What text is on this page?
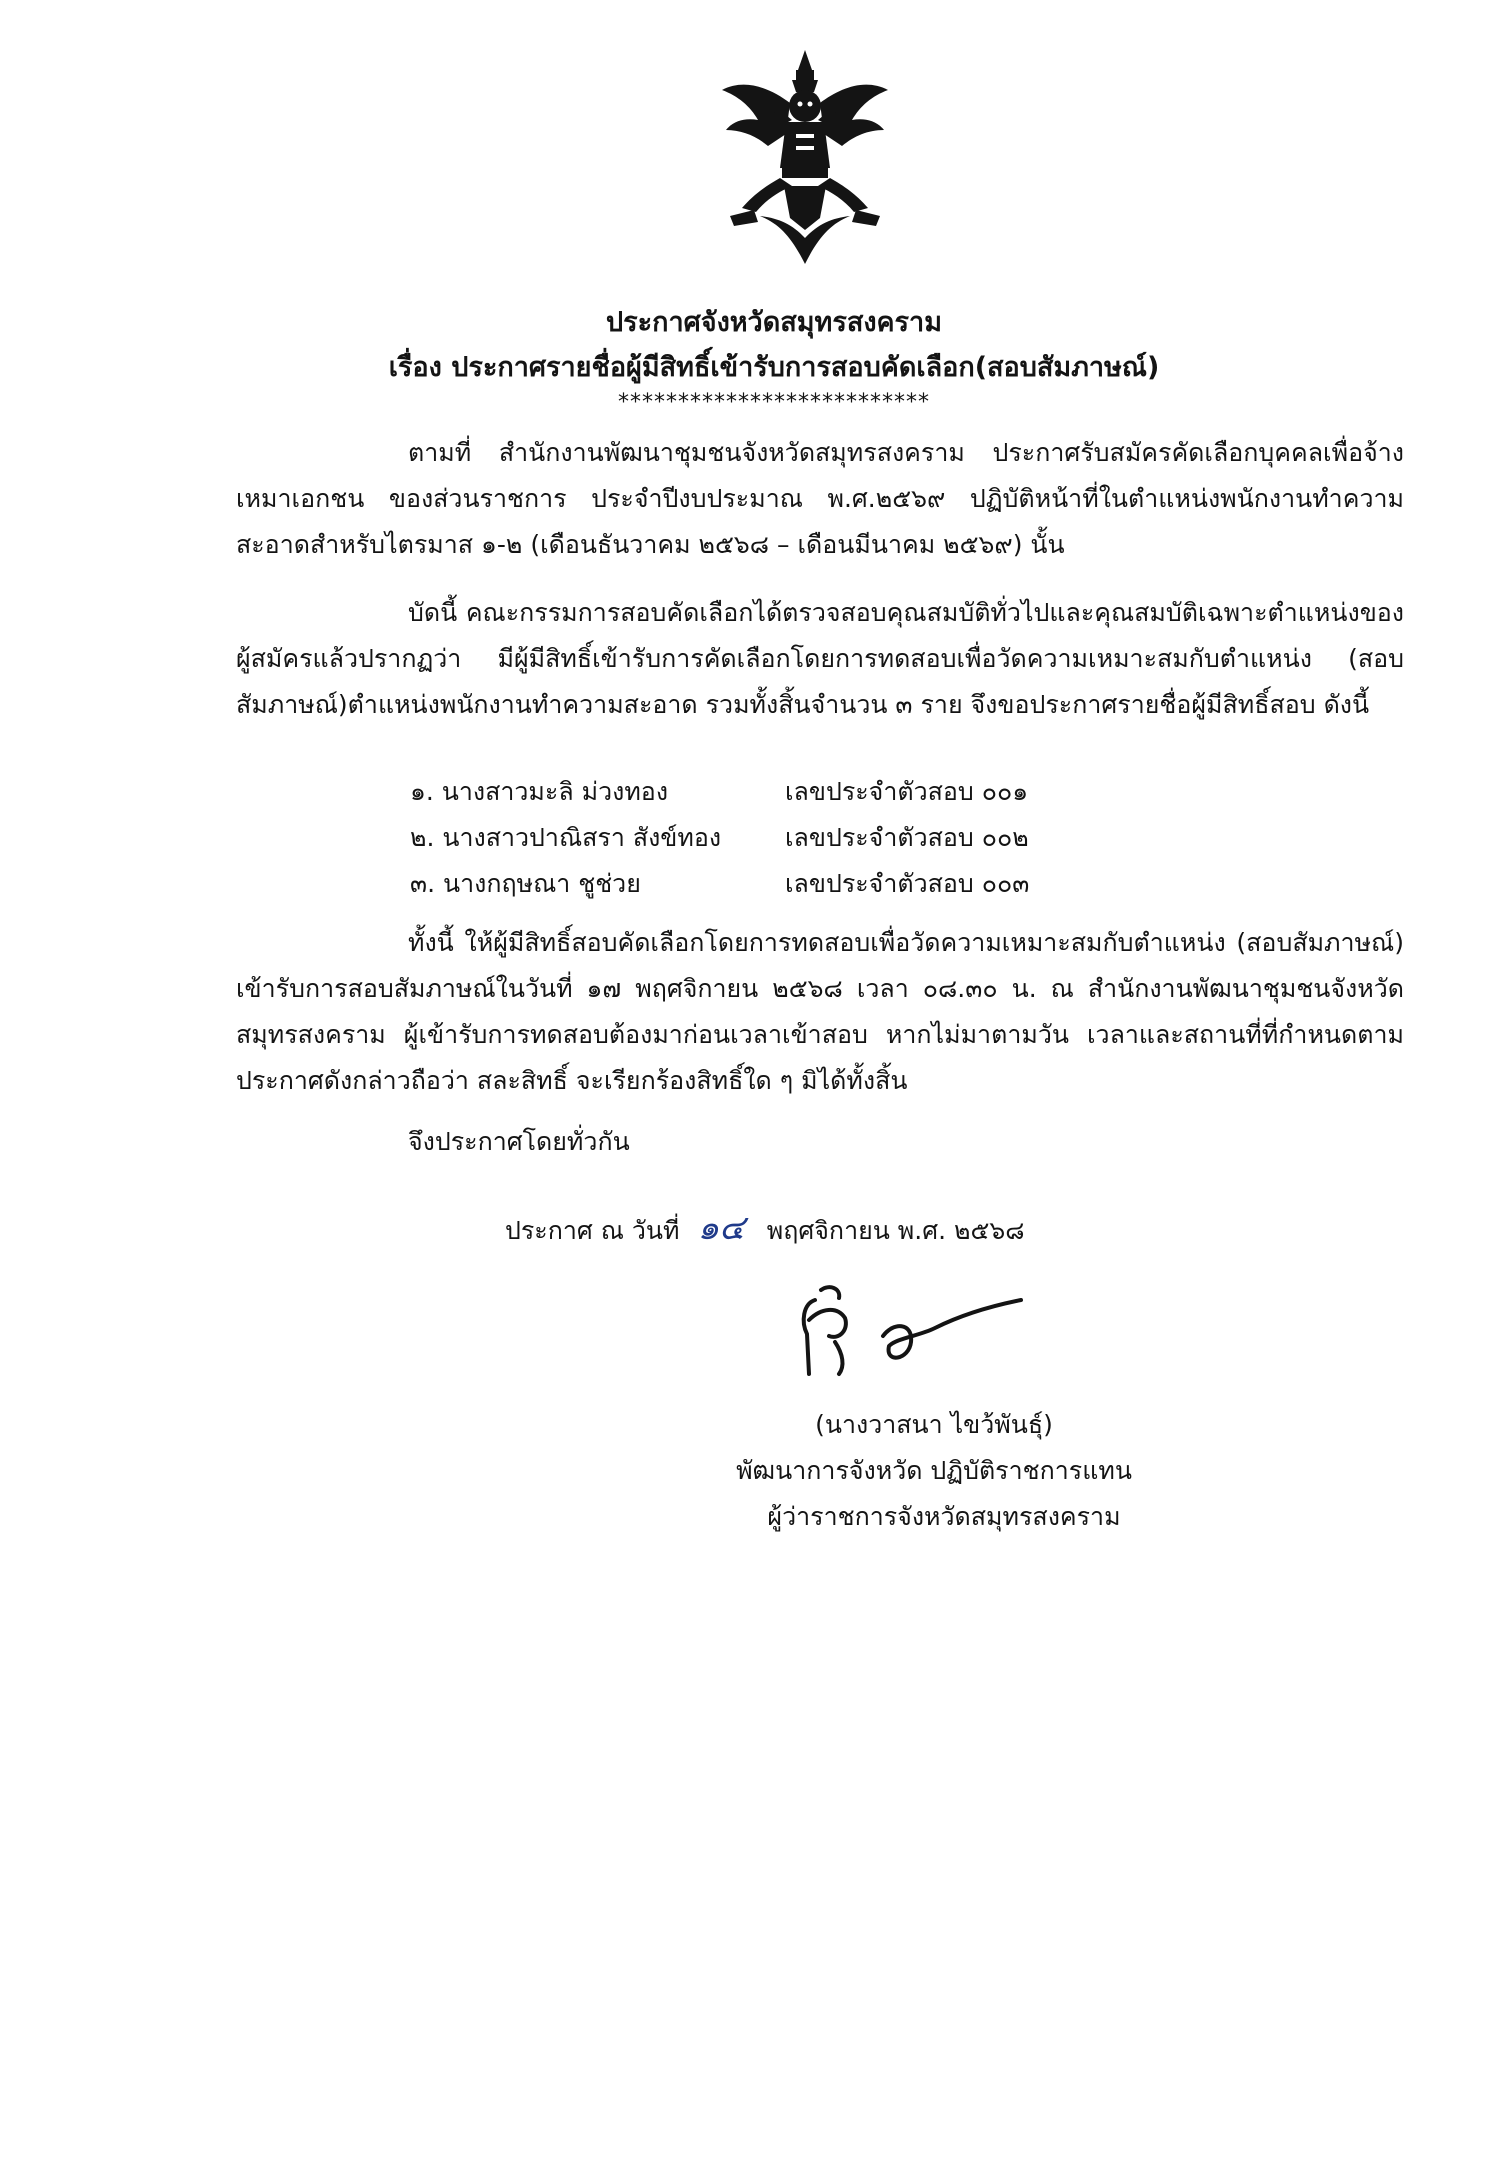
ประกาศจังหวัดสมุทรสงคราม
เรื่อง ประกาศรายชื่อผู้มีสิทธิ์เข้ารับการสอบคัดเลือก(สอบสัมภาษณ์)
**************************

ตามที่ สำนักงานพัฒนาชุมชนจังหวัดสมุทรสงคราม ประกาศรับสมัครคัดเลือกบุคคลเพื่อจ้างเหมาเอกชน ของส่วนราชการ ประจำปีงบประมาณ พ.ศ.๒๕๖๙ ปฏิบัติหน้าที่ในตำแหน่งพนักงานทำความสะอาดสำหรับไตรมาส ๑-๒ (เดือนธันวาคม ๒๕๖๘ – เดือนมีนาคม ๒๕๖๙) นั้น

บัดนี้ คณะกรรมการสอบคัดเลือกได้ตรวจสอบคุณสมบัติทั่วไปและคุณสมบัติเฉพาะตำแหน่งของผู้สมัครแล้วปรากฏว่า มีผู้มีสิทธิ์เข้ารับการคัดเลือกโดยการทดสอบเพื่อวัดความเหมาะสมกับตำแหน่ง (สอบสัมภาษณ์)ตำแหน่งพนักงานทำความสะอาด รวมทั้งสิ้นจำนวน ๓ ราย จึงขอประกาศรายชื่อผู้มีสิทธิ์สอบ ดังนี้

๑. นางสาวมะลิ ม่วงทอง	เลขประจำตัวสอบ ๐๐๑
๒. นางสาวปาณิสรา สังข์ทอง	เลขประจำตัวสอบ ๐๐๒
๓. นางกฤษณา ชูช่วย	เลขประจำตัวสอบ ๐๐๓

ทั้งนี้ ให้ผู้มีสิทธิ์สอบคัดเลือกโดยการทดสอบเพื่อวัดความเหมาะสมกับตำแหน่ง (สอบสัมภาษณ์) เข้ารับการสอบสัมภาษณ์ในวันที่ ๑๗ พฤศจิกายน ๒๕๖๘ เวลา ๐๘.๓๐ น. ณ สำนักงานพัฒนาชุมชนจังหวัดสมุทรสงคราม ผู้เข้ารับการทดสอบต้องมาก่อนเวลาเข้าสอบ หากไม่มาตามวัน เวลาและสถานที่ที่กำหนดตามประกาศดังกล่าวถือว่า สละสิทธิ์ จะเรียกร้องสิทธิ์ใด ๆ มิได้ทั้งสิ้น

จึงประกาศโดยทั่วกัน
ประกาศ ณ วันที่ ๑๔ พฤศจิกายน พ.ศ. ๒๕๖๘
(นางวาสนา ไขว้พันธุ์)
พัฒนาการจังหวัด ปฏิบัติราชการแทน
ผู้ว่าราชการจังหวัดสมุทรสงคราม
